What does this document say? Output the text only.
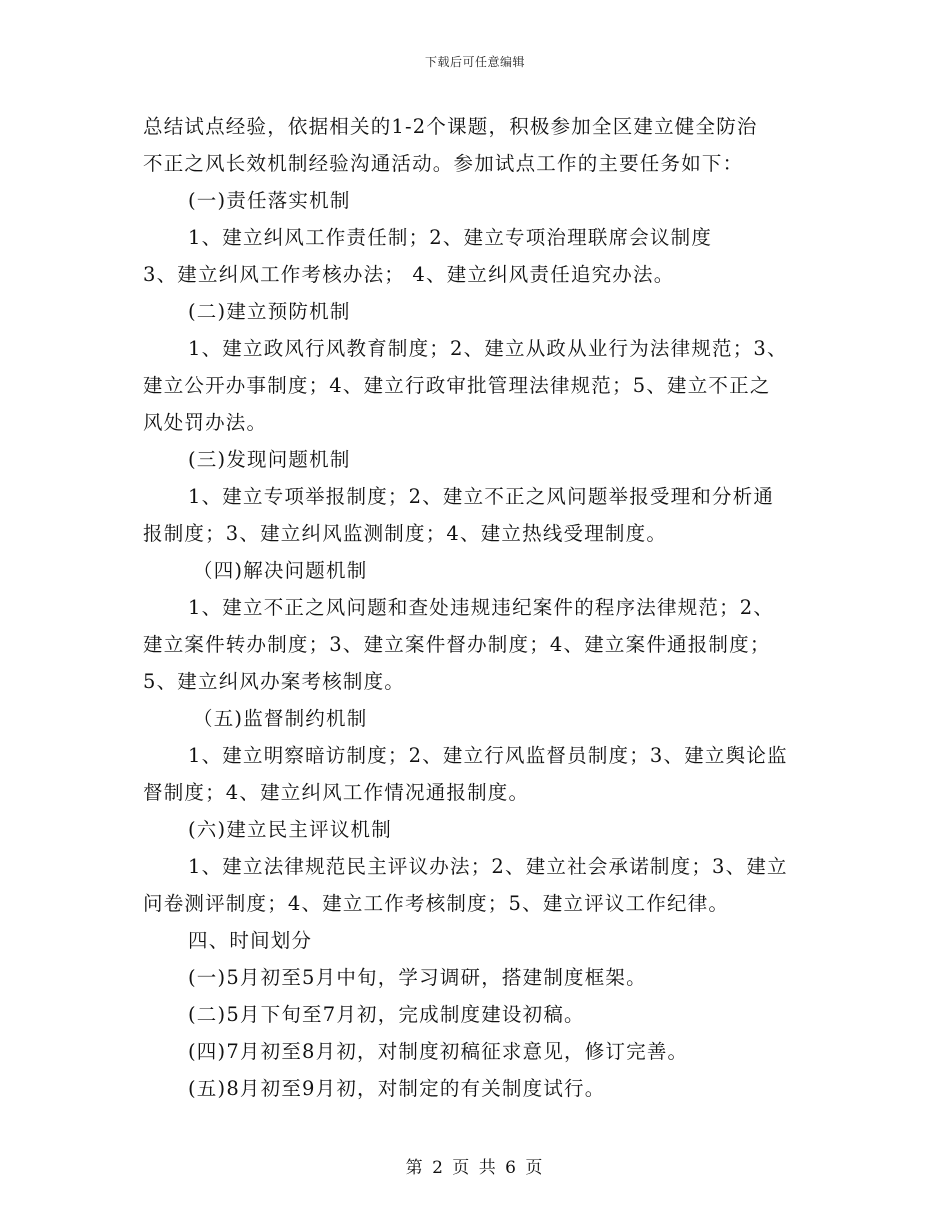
下载后可任意编辑
总结试点经验，依据相关的1-2个课题，积极参加全区建立健全防治
不正之风长效机制经验沟通活动。参加试点工作的主要任务如下：
(一)责任落实机制
1、建立纠风工作责任制；2、建立专项治理联席会议制度
3、建立纠风工作考核办法； 4、建立纠风责任追究办法。
(二)建立预防机制
1、建立政风行风教育制度；2、建立从政从业行为法律规范；3、
建立公开办事制度；4、建立行政审批管理法律规范；5、建立不正之
风处罚办法。
(三)发现问题机制
1、建立专项举报制度；2、建立不正之风问题举报受理和分析通
报制度；3、建立纠风监测制度；4、建立热线受理制度。
（四)解决问题机制
1、建立不正之风问题和查处违规违纪案件的程序法律规范；2、
建立案件转办制度；3、建立案件督办制度；4、建立案件通报制度；
5、建立纠风办案考核制度。
（五)监督制约机制
1、建立明察暗访制度；2、建立行风监督员制度；3、建立舆论监
督制度；4、建立纠风工作情况通报制度。
(六)建立民主评议机制
1、建立法律规范民主评议办法；2、建立社会承诺制度；3、建立
问卷测评制度；4、建立工作考核制度；5、建立评议工作纪律。
四、时间划分
(一)5月初至5月中旬，学习调研，搭建制度框架。
(二)5月下旬至7月初，完成制度建设初稿。
(四)7月初至8月初，对制度初稿征求意见，修订完善。
(五)8月初至9月初，对制定的有关制度试行。
第 2 页 共 6 页
